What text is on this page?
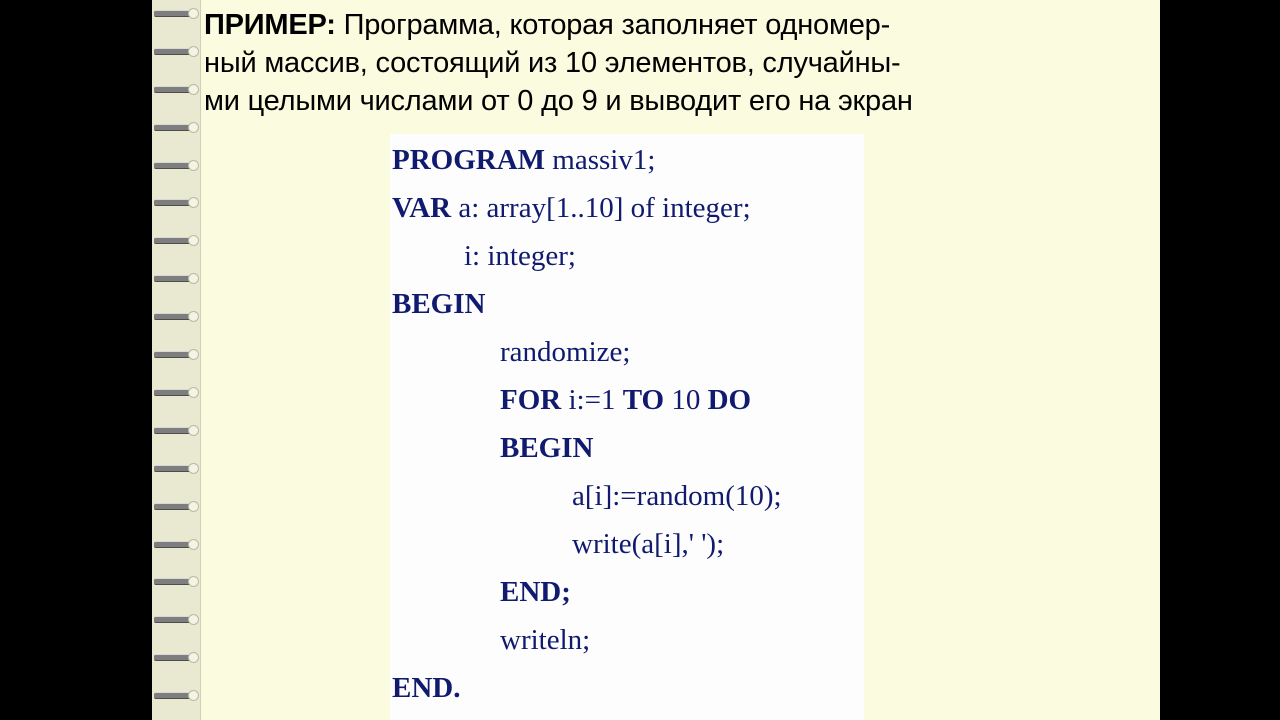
ПРИМЕР: Программа, которая заполняет одномер-
ный массив, состоящий из 10 элементов, случайны-
ми целыми числами от 0 до 9 и выводит его на экран
PROGRAM massiv1;
VAR a: array[1..10] of integer;
i: integer;
BEGIN
randomize;
FOR i:=1 TO 10 DO
BEGIN
a[i]:=random(10);
write(a[i],' ');
END;
writeln;
END.
